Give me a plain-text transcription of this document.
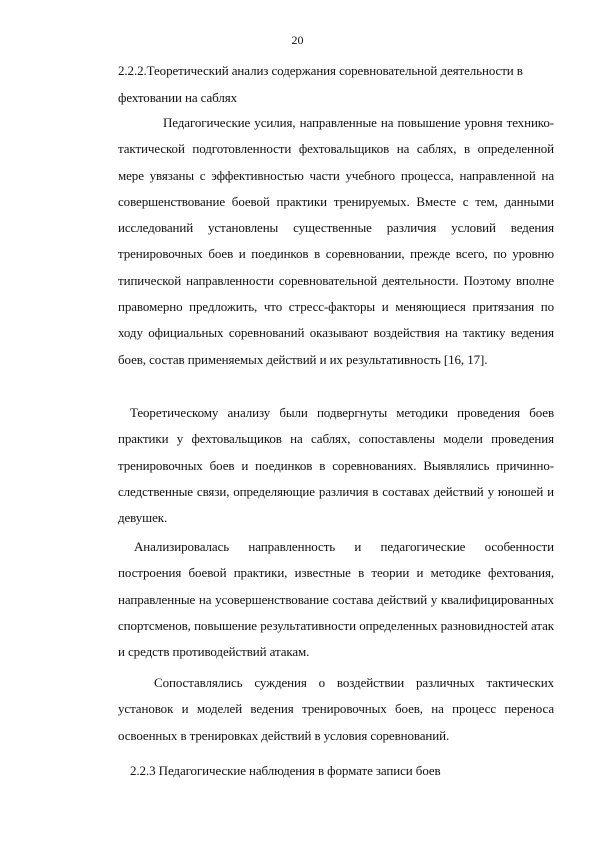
20
2.2.2.Теоретический анализ содержания соревновательной деятельности в фехтовании на саблях
Педагогические усилия, направленные на повышение уровня технико-тактической подготовленности фехтовальщиков на саблях, в определенной мере увязаны с эффективностью части учебного процесса, направленной на совершенствование боевой практики тренируемых. Вместе с тем, данными исследований установлены существенные различия условий ведения тренировочных боев и поединков в соревновании, прежде всего, по уровню типической направленности соревновательной деятельности. Поэтому вполне правомерно предложить, что стресс-факторы и меняющиеся притязания по ходу официальных соревнований оказывают воздействия на тактику ведения боев, состав применяемых действий и их результативность [16, 17].
Теоретическому анализу были подвергнуты методики проведения боев практики у фехтовальщиков на саблях, сопоставлены модели проведения тренировочных боев и поединков в соревнованиях. Выявлялись причинно-следственные связи, определяющие различия в составах действий у юношей и девушек.
Анализировалась направленность и педагогические особенности построения боевой практики, известные в теории и методике фехтования, направленные на усовершенствование состава действий у квалифицированных спортсменов, повышение результативности определенных разновидностей атак и средств противодействий атакам.
Сопоставлялись суждения о воздействии различных тактических установок и моделей ведения тренировочных боев, на процесс переноса освоенных в тренировках действий в условия соревнований.
2.2.3 Педагогические наблюдения в формате записи боев
